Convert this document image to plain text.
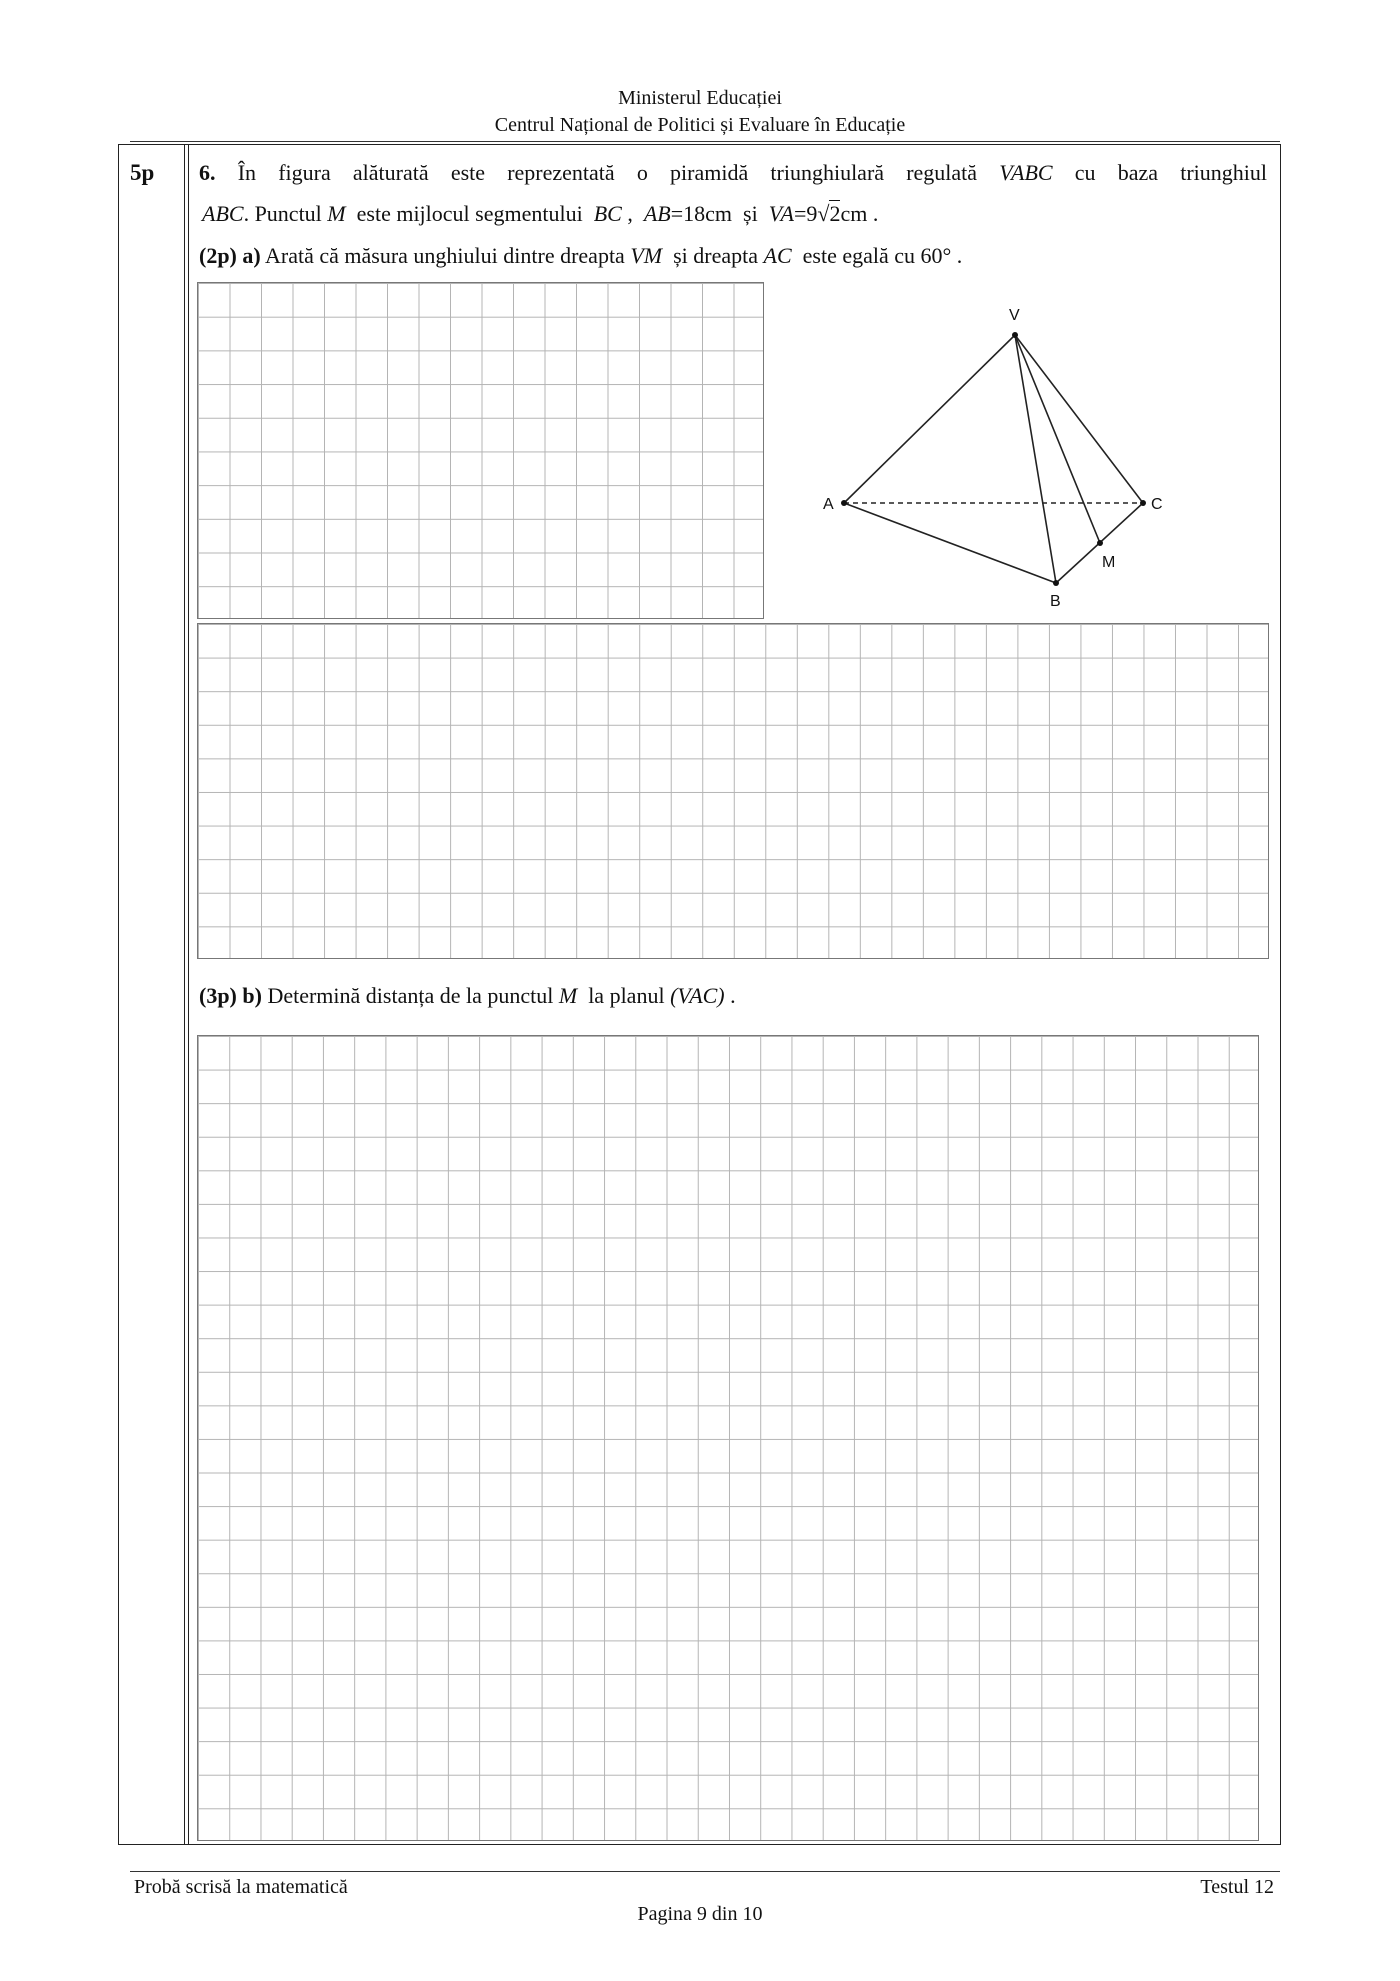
Ministerul Educației
Centrul Național de Politici și Evaluare în Educație
5p 6. În figura alăturată este reprezentată o piramidă triunghiulară regulată VABC cu baza triunghiul
ABC. Punctul M este mijlocul segmentului BC ,  AB=18cm și VA=9√2cm .
(2p) a) Arată că măsura unghiului dintre dreapta VM și dreapta AC este egală cu 60° .
V
A	C
B
M
(3p) b) Determină distanța de la punctul M la planul (VAC) .
Probă scrisă la matematică	Testul 12
Pagina 9 din 10
